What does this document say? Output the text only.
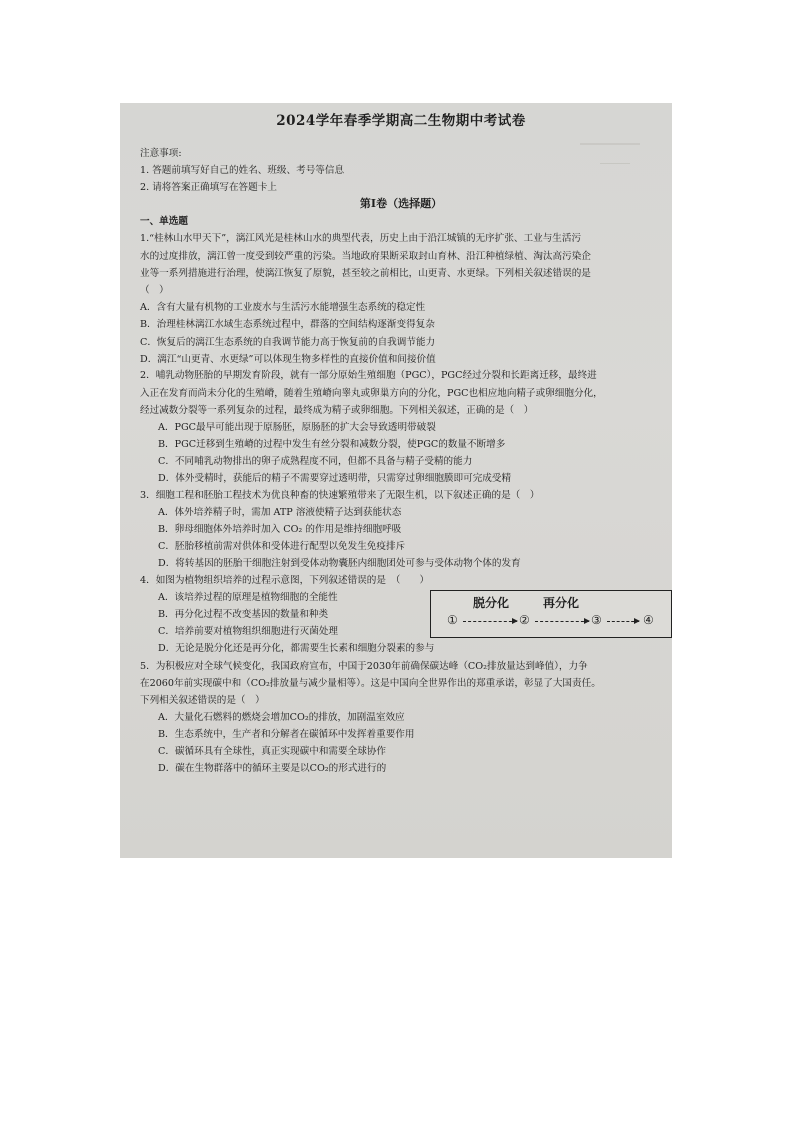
2024学年春季学期高二生物期中考试卷
注意事项:
1. 答题前填写好自己的姓名、班级、考号等信息
2. 请将答案正确填写在答题卡上
第I卷（选择题）
一、单选题
1.“桂林山水甲天下”，漓江风光是桂林山水的典型代表，历史上由于沿江城镇的无序扩张、工业与生活污
水的过度排放，漓江曾一度受到较严重的污染。当地政府果断采取封山育林、沿江种植绿植、淘汰高污染企
业等一系列措施进行治理，使漓江恢复了原貌，甚至较之前相比，山更青、水更绿。下列相关叙述错误的是
（　）
A．含有大量有机物的工业废水与生活污水能增强生态系统的稳定性
B．治理桂林漓江水域生态系统过程中，群落的空间结构逐渐变得复杂
C．恢复后的漓江生态系统的自我调节能力高于恢复前的自我调节能力
D．漓江“山更青、水更绿”可以体现生物多样性的直接价值和间接价值
2．哺乳动物胚胎的早期发育阶段，就有一部分原始生殖细胞（PGC），PGC经过分裂和长距离迁移，最终进
入正在发育而尚未分化的生殖嵴，随着生殖嵴向睾丸或卵巢方向的分化，PGC也相应地向精子或卵细胞分化，
经过减数分裂等一系列复杂的过程，最终成为精子或卵细胞。下列相关叙述，正确的是（　）
A．PGC最早可能出现于原肠胚，原肠胚的扩大会导致透明带破裂
B．PGC迁移到生殖嵴的过程中发生有丝分裂和减数分裂，使PGC的数量不断增多
C．不同哺乳动物排出的卵子成熟程度不同，但都不具备与精子受精的能力
D．体外受精时，获能后的精子不需要穿过透明带，只需穿过卵细胞膜即可完成受精
3．细胞工程和胚胎工程技术为优良种畜的快速繁殖带来了无限生机，以下叙述正确的是（　）
A．体外培养精子时，需加 ATP 溶液使精子达到获能状态
B．卵母细胞体外培养时加入 CO₂ 的作用是维持细胞呼吸
C．胚胎移植前需对供体和受体进行配型以免发生免疫排斥
D．将转基因的胚胎干细胞注射到受体动物囊胚内细胞团处可参与受体动物个体的发育
4．如图为植物组织培养的过程示意图，下列叙述错误的是　（　　）
A．该培养过程的原理是植物细胞的全能性
B．再分化过程不改变基因的数量和种类
C．培养前要对植物组织细胞进行灭菌处理
D．无论是脱分化还是再分化，都需要生长素和细胞分裂素的参与
5．为积极应对全球气候变化，我国政府宣布，中国于2030年前确保碳达峰（CO₂排放量达到峰值），力争
在2060年前实现碳中和（CO₂排放量与减少量相等）。这是中国向全世界作出的郑重承诺，彰显了大国责任。
下列相关叙述错误的是（　）
A．大量化石燃料的燃烧会增加CO₂的排放，加剧温室效应
B．生态系统中，生产者和分解者在碳循环中发挥着重要作用
C．碳循环具有全球性，真正实现碳中和需要全球协作
D．碳在生物群落中的循环主要是以CO₂的形式进行的
脱分化	再分化
①	②	③	④
